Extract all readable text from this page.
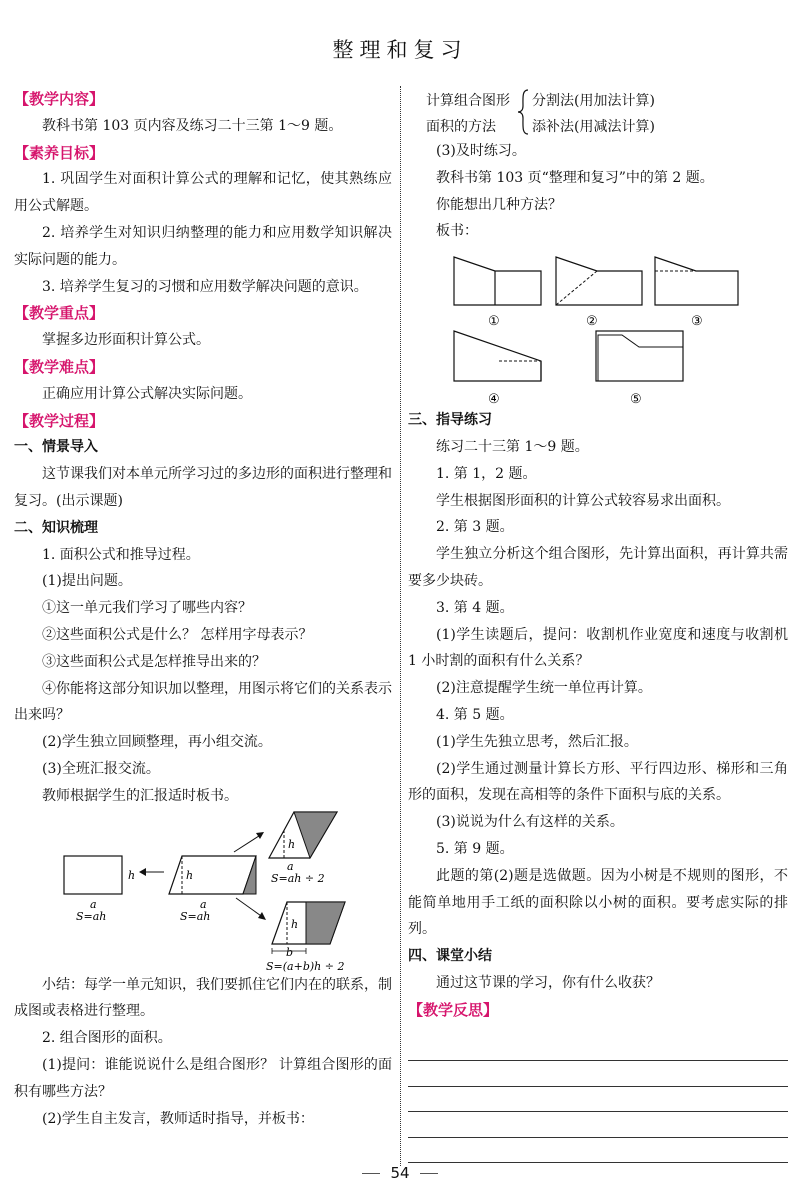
整理和复习

【教学内容】

教科书第 103 页内容及练习二十三第 1～9 题。

【素养目标】

1. 巩固学生对面积计算公式的理解和记忆，使其熟练应用公式解题。

2. 培养学生对知识归纳整理的能力和应用数学知识解决实际问题的能力。

3. 培养学生复习的习惯和应用数学解决问题的意识。

【教学重点】

掌握多边形面积计算公式。

【教学难点】

正确应用计算公式解决实际问题。

【教学过程】

一、情景导入

这节课我们对本单元所学习过的多边形的面积进行整理和复习。(出示课题)

二、知识梳理

1. 面积公式和推导过程。

(1)提出问题。

①这一单元我们学习了哪些内容？

②这些面积公式是什么？ 怎样用字母表示？

③这些面积公式是怎样推导出来的？

④你能将这部分知识加以整理，用图示将它们的关系表示出来吗？

(2)学生独立回顾整理，再小组交流。

(3)全班汇报交流。

教师根据学生的汇报适时板书。

h
a
S=ah
h
a
S=ah
h
a
S=ah ÷ 2
h
b
S=(a+b)h ÷ 2

小结：每学一单元知识，我们要抓住它们内在的联系，制成图或表格进行整理。

2. 组合图形的面积。

(1)提问：谁能说说什么是组合图形？ 计算组合图形的面积有哪些方法？

(2)学生自主发言，教师适时指导，并板书：

计算组合图形
面积的方法
分割法(用加法计算)
添补法(用减法计算)

(3)及时练习。

教科书第 103 页“整理和复习”中的第 2 题。

你能想出几种方法？

板书：

①	②	③
④	⑤

三、指导练习

练习二十三第 1～9 题。

1. 第 1，2 题。

学生根据图形面积的计算公式较容易求出面积。

2. 第 3 题。

学生独立分析这个组合图形，先计算出面积，再计算共需要多少块砖。

3. 第 4 题。

(1)学生读题后，提问：收割机作业宽度和速度与收割机 1 小时割的面积有什么关系？

(2)注意提醒学生统一单位再计算。

4. 第 5 题。

(1)学生先独立思考，然后汇报。

(2)学生通过测量计算长方形、平行四边形、梯形和三角形的面积，发现在高相等的条件下面积与底的关系。

(3)说说为什么有这样的关系。

5. 第 9 题。

此题的第(2)题是选做题。因为小树是不规则的图形，不能简单地用手工纸的面积除以小树的面积。要考虑实际的排列。

四、课堂小结

通过这节课的学习，你有什么收获？

【教学反思】

54
